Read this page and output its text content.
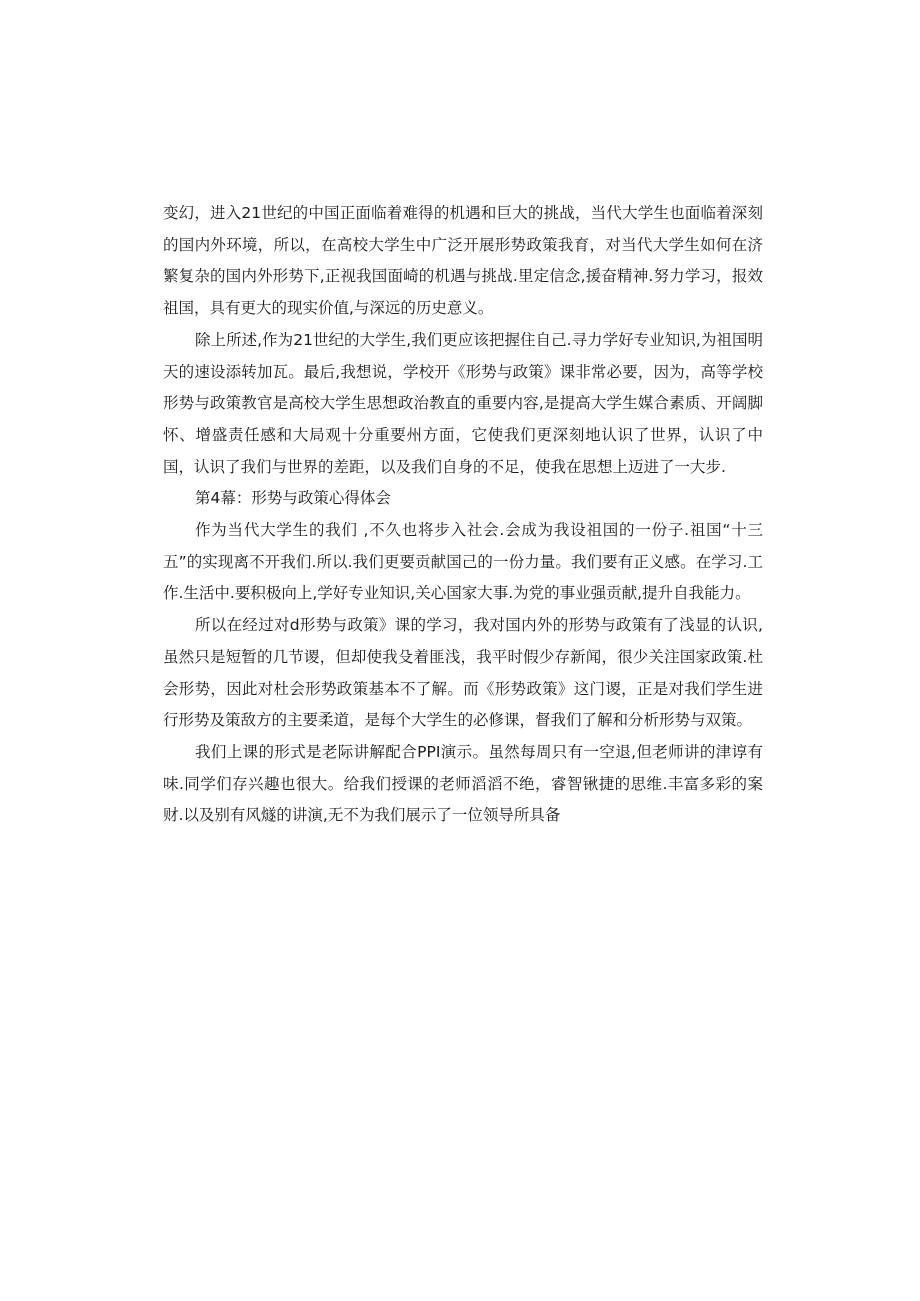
变幻，进入21世纪的中国正面临着难得的机遇和巨大的挑战，当代大学生也面临着深刻的国内外环境，所以，在高校大学生中广泛开展形势政策我育，对当代大学生如何在济繁复杂的国内外形势下,正视我国面崎的机遇与挑战.里定信念,援奋精神.努力学习，报效祖国，具有更大的现实价值,与深远的历史意义。

除上所述,作为21世纪的大学生,我们更应该把握住自己.寻力学好专业知识,为祖国明天的速设添转加瓦。最后,我想说，学校开《形势与政策》课非常必要，因为，高等学校形势与政策教官是高校大学生思想政治教直的重要内容,是提高大学生媒合素质、开阔脚怀、增盛责任感和大局观十分重要州方面，它使我们更深刻地认识了世界，认识了中国，认识了我们与世界的差距，以及我们自身的不足，使我在思想上迈进了一大步.

第4幕：形势与政策心得体会

作为当代大学生的我们 ,不久也将步入社会.会成为我设祖国的一份子.祖国“十三五”的实现离不开我们.所以.我们更要贡献国己的一份力量。我们要有正义感。在学习.工作.生活中.要积极向上,学好专业知识,关心国家大事.为党的事业强贡献,提升自我能力。

所以在经过对d形势与政策》课的学习，我对国内外的形势与政策有了浅显的认识,虽然只是短暂的几节谡，但却使我殳着匪浅，我平时假少存新闻，很少关注国家政策.杜会形势，因此对杜会形势政策基本不了解。而《形势政策》这门谡，正是对我们学生进行形势及策敌方的主要柔道，是每个大学生的必修课，督我们了解和分析形势与双策。

我们上课的形式是老际讲解配合PPI演示。虽然每周只有一空退,但老师讲的津谆有味.同学们存兴趣也很大。给我们授课的老师滔滔不绝，睿智锹捷的思维.丰富多彩的案财.以及别有风燧的讲演,无不为我们展示了一位领导所具备
